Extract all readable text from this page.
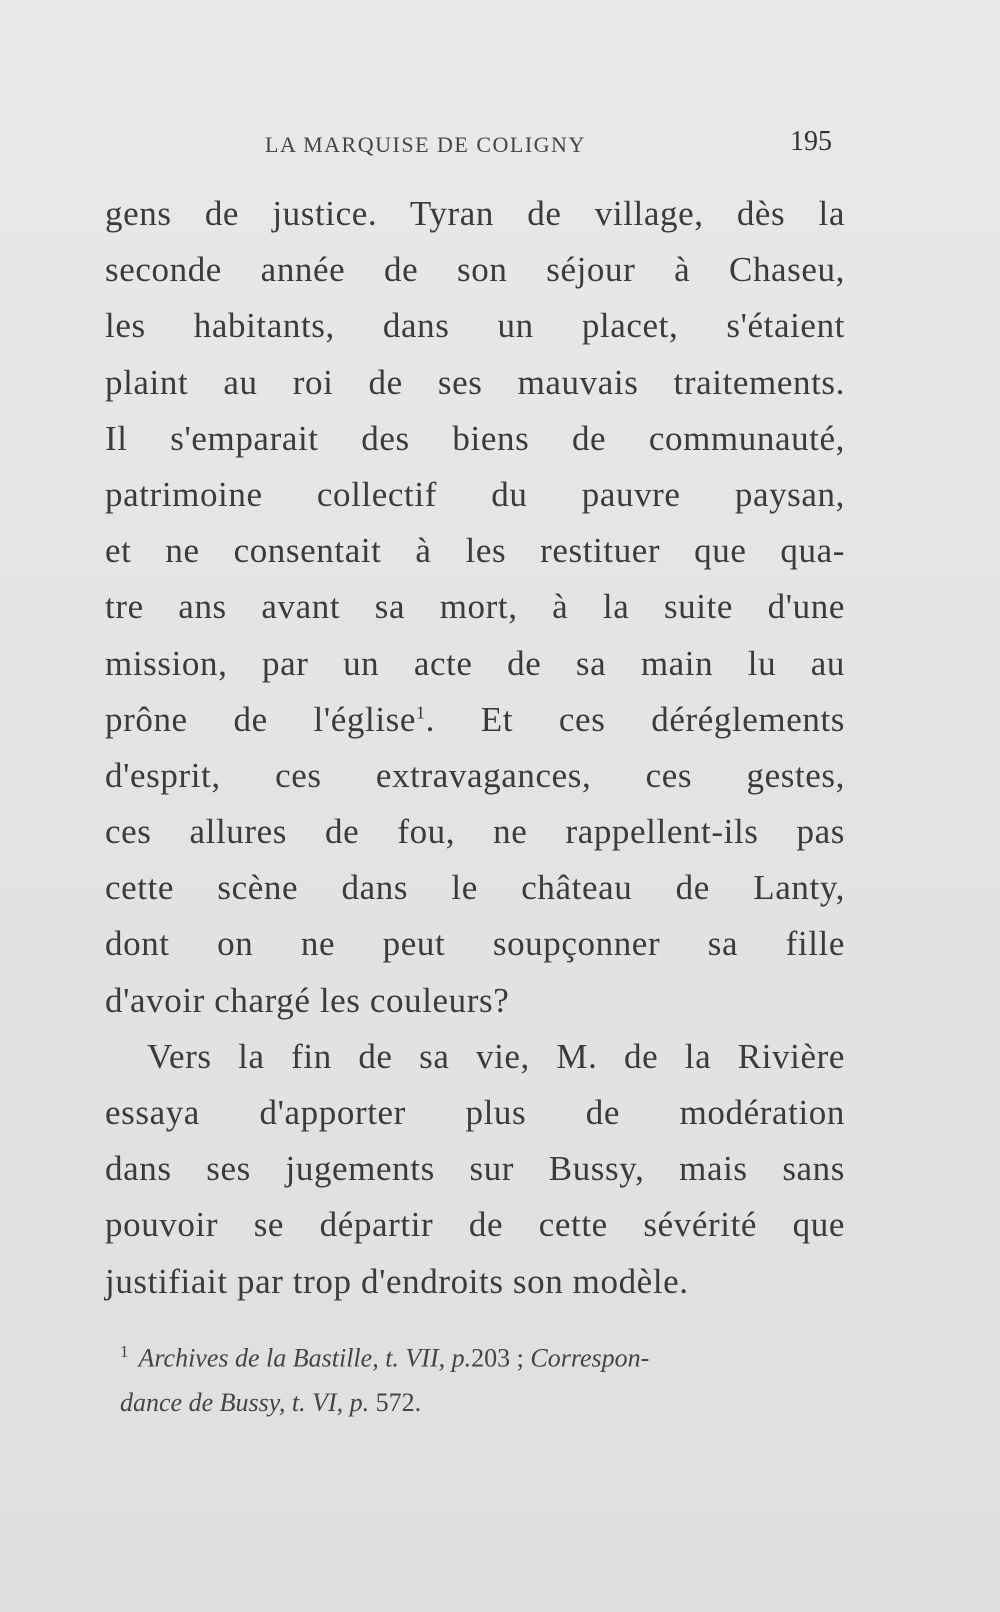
LA MARQUISE DE COLIGNY	195
gens de justice. Tyran de village, dès la
seconde année de son séjour à Chaseu,
les habitants, dans un placet, s'étaient
plaint au roi de ses mauvais traitements.
Il s'emparait des biens de communauté,
patrimoine collectif du pauvre paysan,
et ne consentait à les restituer que qua-
tre ans avant sa mort, à la suite d'une
mission, par un acte de sa main lu au
prône de l'église$^1$. Et ces déréglements
d'esprit, ces extravagances, ces gestes,
ces allures de fou, ne rappellent-ils pas
cette scène dans le château de Lanty,
dont on ne peut soupçonner sa fille
d'avoir chargé les couleurs?
Vers la fin de sa vie, M. de la Rivière
essaya d'apporter plus de modération
dans ses jugements sur Bussy, mais sans
pouvoir se départir de cette sévérité que
justifiait par trop d'endroits son modèle.
$^1$ Archives de la Bastille, t. VII, p.203 ; Correspon-
dance de Bussy, t. VI, p. 572.
